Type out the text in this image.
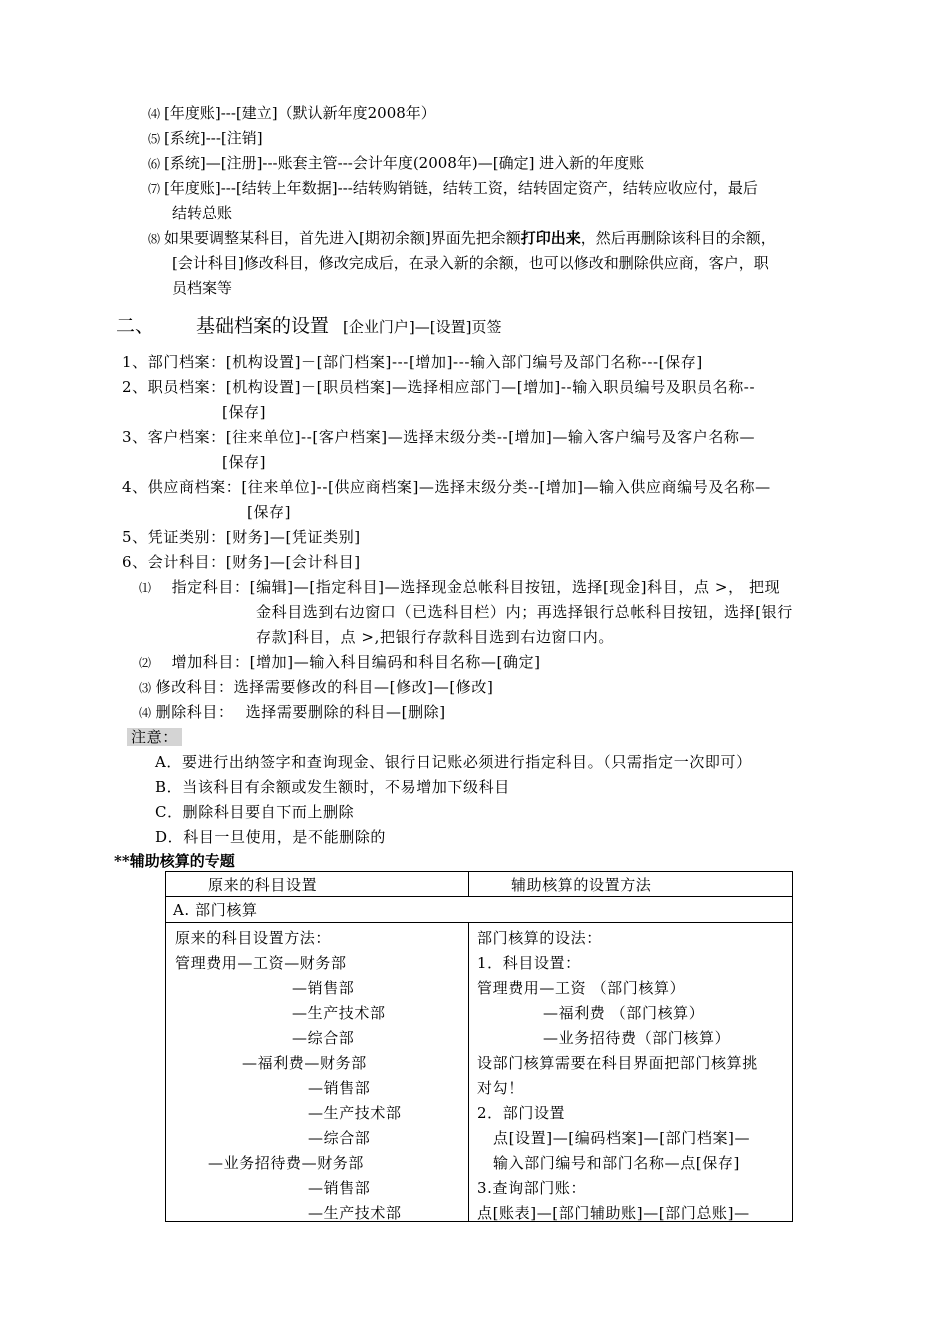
⑷ [年度账]---[建立]（默认新年度2008年）
⑸ [系统]---[注销]
⑹ [系统]—[注册]---账套主管---会计年度(2008年)—[确定] 进入新的年度账
⑺ [年度账]---[结转上年数据]---结转购销链，结转工资，结转固定资产，结转应收应付，最后
结转总账
⑻ 如果要调整某科目，首先进入[期初余额]界面先把余额打印出来，然后再删除该科目的余额，
[会计科目]修改科目，修改完成后，在录入新的余额，也可以修改和删除供应商，客户，职
员档案等
二、 基础档案的设置 [企业门户]—[设置]页签
1、部门档案：[机构设置]－[部门档案]---[增加]---输入部门编号及部门名称---[保存]
2、职员档案：[机构设置]－[职员档案]—选择相应部门—[增加]--输入职员编号及职员名称--
[保存]
3、客户档案：[往来单位]--[客户档案]—选择末级分类--[增加]—输入客户编号及客户名称—
[保存]
4、供应商档案：[往来单位]--[供应商档案]—选择末级分类--[增加]—输入供应商编号及名称—
[保存]
5、凭证类别：[财务]—[凭证类别]
6、会计科目：[财务]—[会计科目]
⑴ 指定科目：[编辑]—[指定科目]—选择现金总帐科目按钮，选择[现金]科目，点 >， 把现
金科目选到右边窗口（已选科目栏）内；再选择银行总帐科目按钮，选择[银行
存款]科目，点 >,把银行存款科目选到右边窗口内。
⑵ 增加科目：[增加]—输入科目编码和科目名称—[确定]
⑶ 修改科目：选择需要修改的科目—[修改]—[修改]
⑷ 删除科目： 选择需要删除的科目—[删除]
注意：
A．要进行出纳签字和查询现金、银行日记账必须进行指定科目。（只需指定一次即可）
B．当该科目有余额或发生额时，不易增加下级科目
C．删除科目要自下而上删除
D．科目一旦使用，是不能删除的
**辅助核算的专题
原来的科目设置	辅助核算的设置方法
A. 部门核算
原来的科目设置方法：
管理费用—工资—财务部
—销售部
—生产技术部
—综合部
—福利费—财务部
—销售部
—生产技术部
—综合部
—业务招待费—财务部
—销售部
—生产技术部
部门核算的设法：
1．科目设置：
管理费用—工资 （部门核算）
—福利费 （部门核算）
—业务招待费（部门核算）
设部门核算需要在科目界面把部门核算挑
对勾！
2．部门设置
点[设置]—[编码档案]—[部门档案]—
输入部门编号和部门名称—点[保存]
3.查询部门账：
点[账表]—[部门辅助账]—[部门总账]—
